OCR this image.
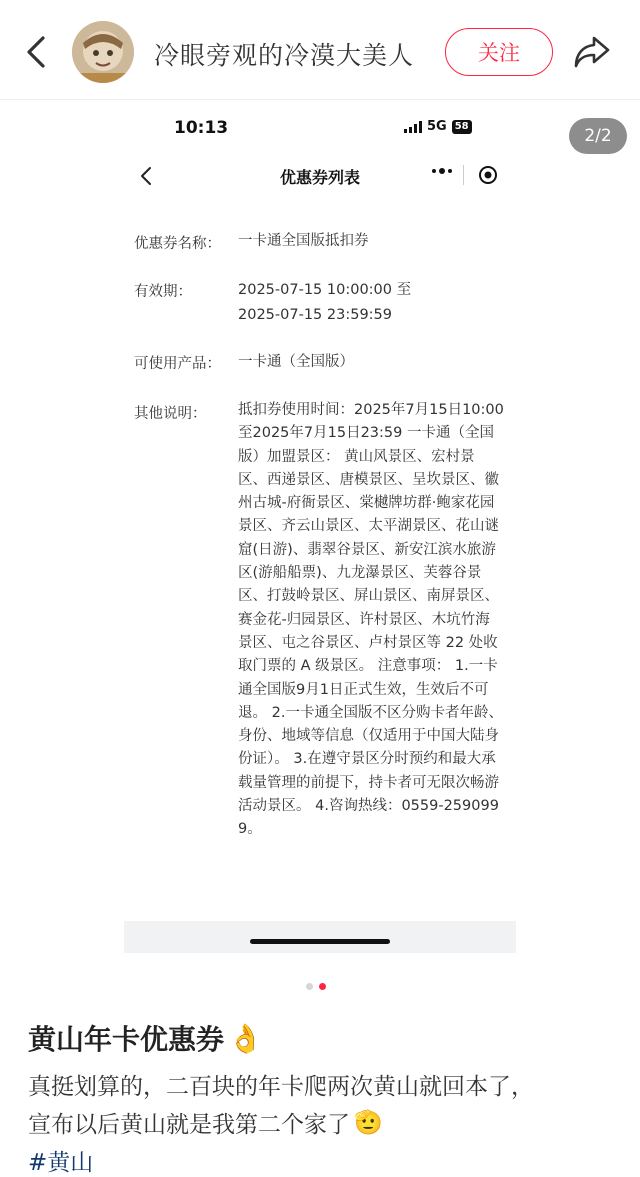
冷眼旁观的冷漠大美人	关注
2/2
10:13	5G 58
优惠券列表
优惠券名称： 一卡通全国版抵扣券
有效期：	2025-07-15 10:00:00 至
2025-07-15 23:59:59
可使用产品： 一卡通（全国版）
其他说明： 抵扣券使用时间：2025年7月15日10:00
至2025年7月15日23:59 一卡通（全国
版）加盟景区： 黄山风景区、宏村景
区、西递景区、唐模景区、呈坎景区、徽
州古城-府衙景区、棠樾牌坊群·鲍家花园
景区、齐云山景区、太平湖景区、花山谜
窟(日游)、翡翠谷景区、新安江滨水旅游
区(游船船票)、九龙瀑景区、芙蓉谷景
区、打鼓岭景区、屏山景区、南屏景区、
赛金花-归园景区、许村景区、木坑竹海
景区、屯之谷景区、卢村景区等 22 处收
取门票的 A 级景区。 注意事项： 1.一卡
通全国版9月1日正式生效，生效后不可
退。 2.一卡通全国版不区分购卡者年龄、
身份、地域等信息（仅适用于中国大陆身
份证）。 3.在遵守景区分时预约和最大承
载量管理的前提下，持卡者可无限次畅游
活动景区。 4.咨询热线：0559-259099
9。
黄山年卡优惠券 👌
真挺划算的，二百块的年卡爬两次黄山就回本了，
宣布以后黄山就是我第二个家了 🫡
#黄山
